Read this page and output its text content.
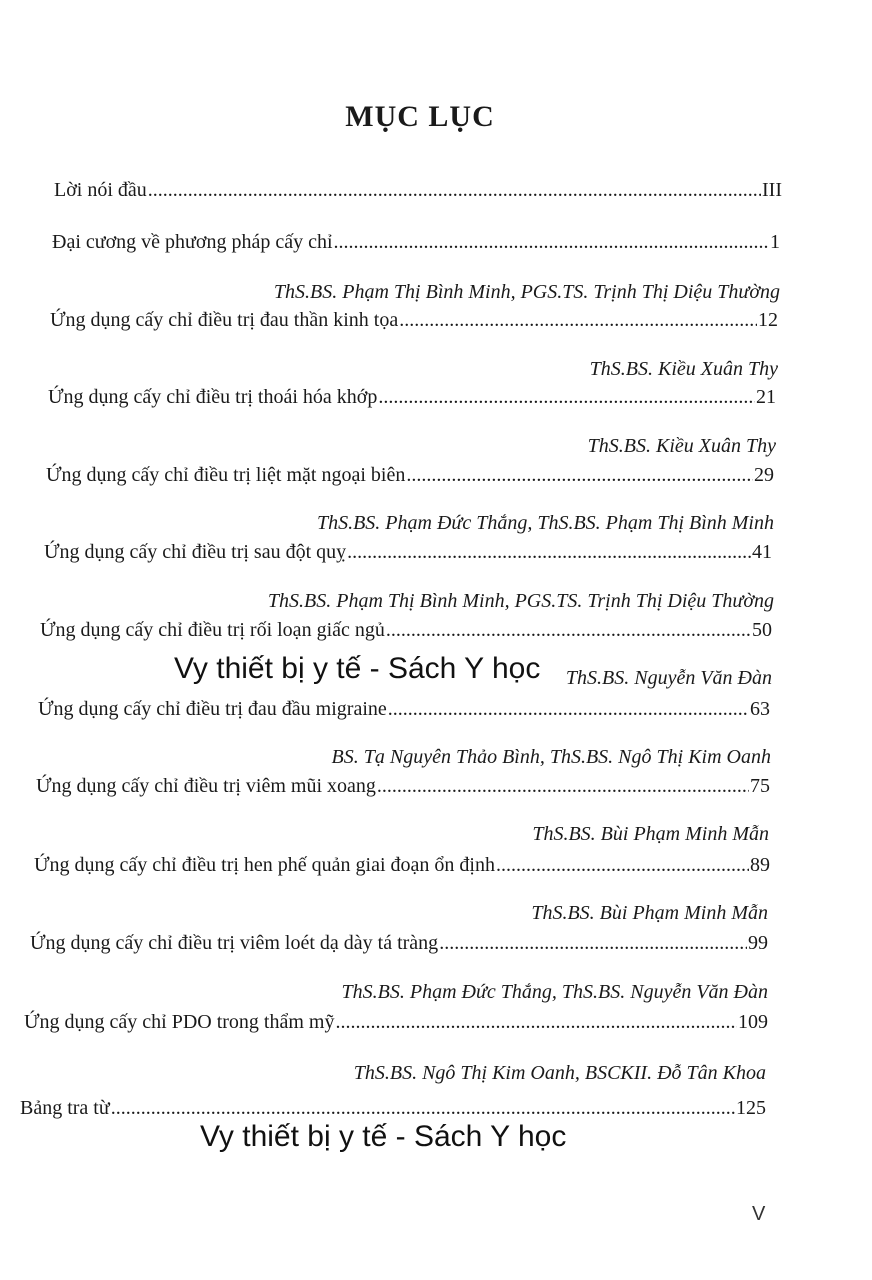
MỤC LỤC
Lời nói đầu .....	III
Đại cương về phương pháp cấy chỉ .....	1
ThS.BS. Phạm Thị Bình Minh, PGS.TS. Trịnh Thị Diệu Thường
Ứng dụng cấy chỉ điều trị đau thần kinh tọa .....	12
ThS.BS. Kiều Xuân Thy
Ứng dụng cấy chỉ điều trị thoái hóa khớp .....	21
ThS.BS. Kiều Xuân Thy
Ứng dụng cấy chỉ điều trị liệt mặt ngoại biên .....	29
ThS.BS. Phạm Đức Thắng, ThS.BS. Phạm Thị Bình Minh
Ứng dụng cấy chỉ điều trị sau đột quỵ .....	41
ThS.BS. Phạm Thị Bình Minh, PGS.TS. Trịnh Thị Diệu Thường
Ứng dụng cấy chỉ điều trị rối loạn giấc ngủ .....	50
ThS.BS. Nguyễn Văn Đàn
Ứng dụng cấy chỉ điều trị đau đầu migraine .....	63
BS. Tạ Nguyên Thảo Bình, ThS.BS. Ngô Thị Kim Oanh
Ứng dụng cấy chỉ điều trị viêm mũi xoang .....	75
ThS.BS. Bùi Phạm Minh Mẫn
Ứng dụng cấy chỉ điều trị hen phế quản giai đoạn ổn định .....	89
ThS.BS. Bùi Phạm Minh Mẫn
Ứng dụng cấy chỉ điều trị viêm loét dạ dày tá tràng .....	99
ThS.BS. Phạm Đức Thắng, ThS.BS. Nguyễn Văn Đàn
Ứng dụng cấy chỉ PDO trong thẩm mỹ .....	109
ThS.BS. Ngô Thị Kim Oanh, BSCKII. Đỗ Tân Khoa
Bảng tra từ .....	125
Vy thiết bị y tế - Sách Y học
Vy thiết bị y tế - Sách Y học
V
